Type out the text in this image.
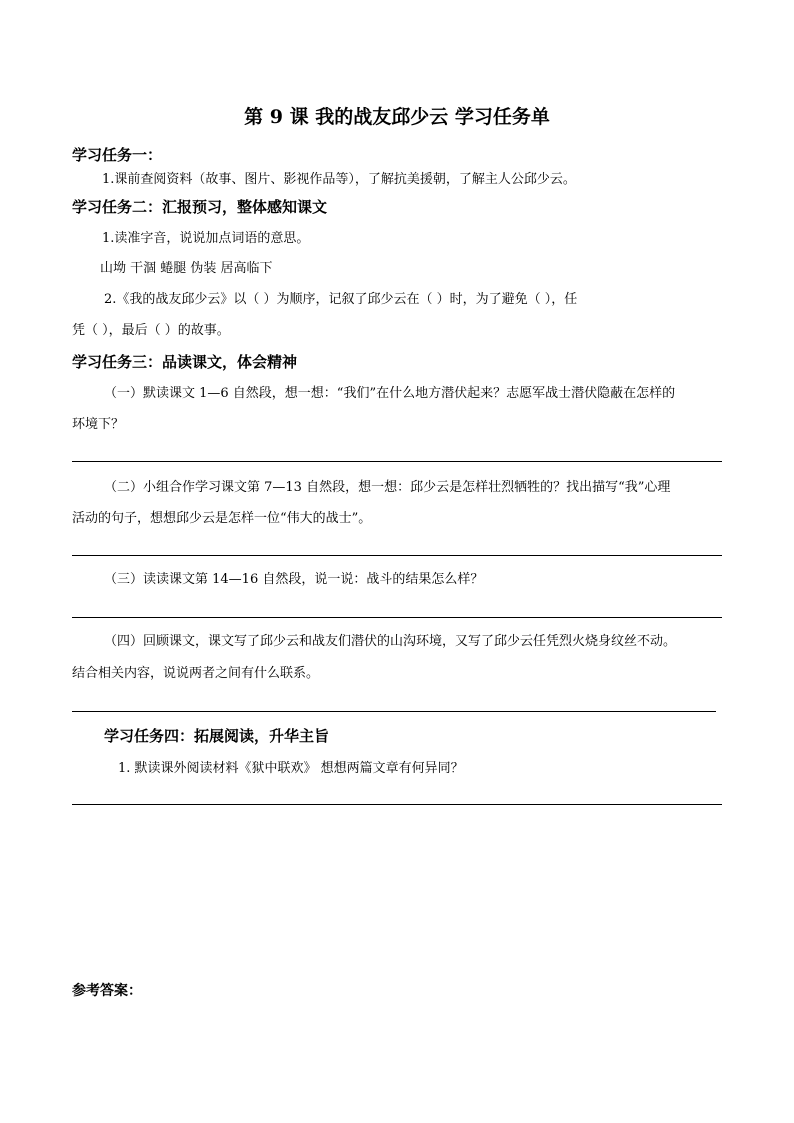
第 9 课 我的战友邱少云 学习任务单
学习任务一：
1.课前查阅资料（故事、图片、影视作品等），了解抗美援朝，了解主人公邱少云。
学习任务二：汇报预习，整体感知课文
1.读准字音，说说加点词语的意思。
山坳 干涸 蜷腿 伪装 居高临下
2.《我的战友邱少云》以（ ）为顺序，记叙了邱少云在（ ）时，为了避免（ ），任
凭（ ），最后（ ）的故事。
学习任务三：品读课文，体会精神
（一）默读课文 1—6 自然段，想一想：“我们”在什么地方潜伏起来？志愿军战士潜伏隐蔽在怎样的
环境下？
（二）小组合作学习课文第 7—13 自然段，想一想：邱少云是怎样壮烈牺牲的？找出描写“我”心理
活动的句子，想想邱少云是怎样一位“伟大的战士”。
（三）读读课文第 14—16 自然段，说一说：战斗的结果怎么样？
（四）回顾课文，课文写了邱少云和战友们潜伏的山沟环境，又写了邱少云任凭烈火烧身纹丝不动。
结合相关内容，说说两者之间有什么联系。
学习任务四：拓展阅读，升华主旨
1. 默读课外阅读材料《狱中联欢》 想想两篇文章有何异同？
参考答案：
